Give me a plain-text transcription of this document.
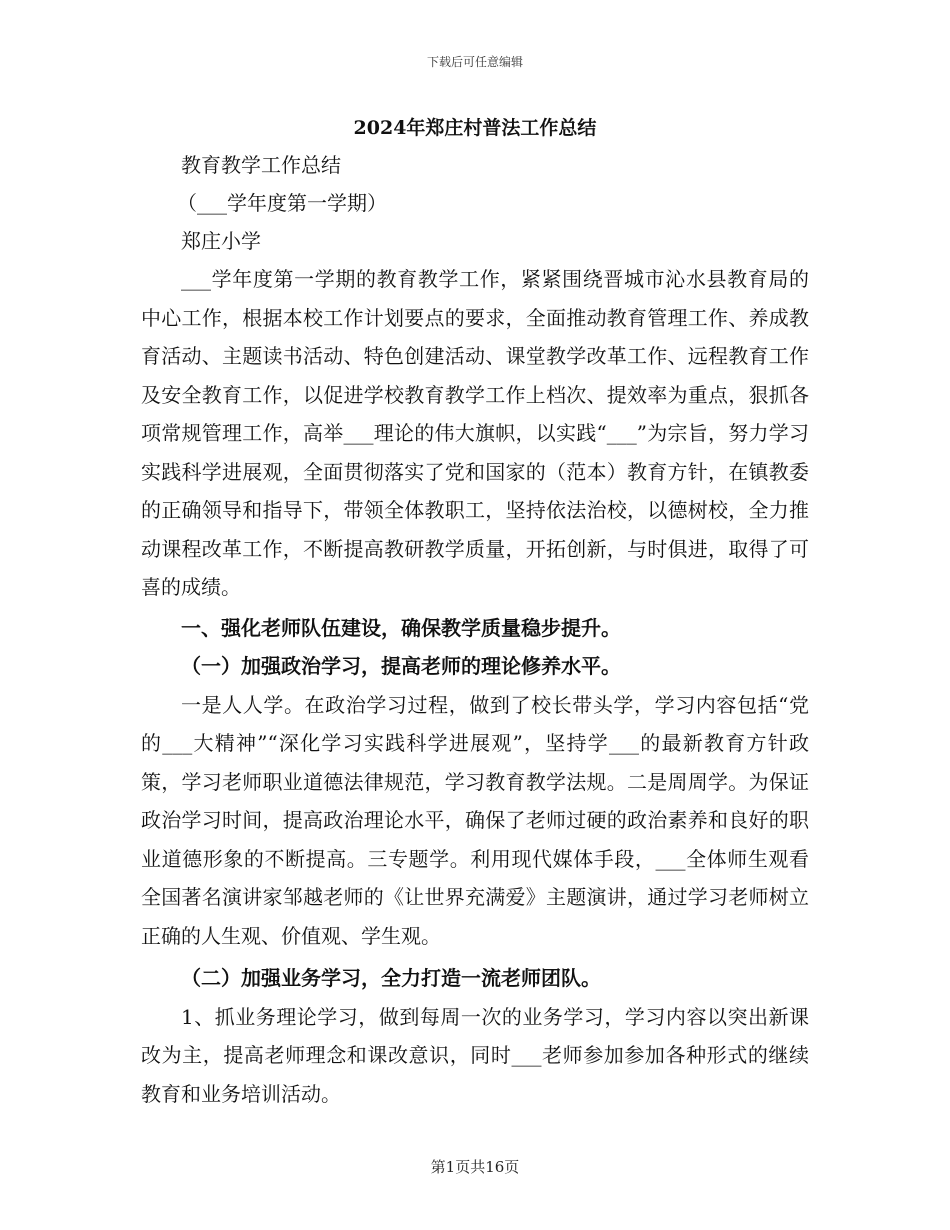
下载后可任意编辑
2024年郑庄村普法工作总结

教育教学工作总结

（___学年度第一学期）

郑庄小学

___学年度第一学期的教育教学工作，紧紧围绕晋城市沁水县教育局的中心工作，根据本校工作计划要点的要求，全面推动教育管理工作、养成教育活动、主题读书活动、特色创建活动、课堂教学改革工作、远程教育工作及安全教育工作，以促进学校教育教学工作上档次、提效率为重点，狠抓各项常规管理工作，高举___理论的伟大旗帜，以实践“___”为宗旨，努力学习实践科学进展观，全面贯彻落实了党和国家的（范本）教育方针，在镇教委的正确领导和指导下，带领全体教职工，坚持依法治校，以德树校，全力推动课程改革工作，不断提高教研教学质量，开拓创新，与时俱进，取得了可喜的成绩。

一、强化老师队伍建设，确保教学质量稳步提升。

（一）加强政治学习，提高老师的理论修养水平。

一是人人学。在政治学习过程，做到了校长带头学，学习内容包括“党的___大精神”“深化学习实践科学进展观”，坚持学___的最新教育方针政策，学习老师职业道德法律规范，学习教育教学法规。二是周周学。为保证政治学习时间，提高政治理论水平，确保了老师过硬的政治素养和良好的职业道德形象的不断提高。三专题学。利用现代媒体手段，___全体师生观看全国著名演讲家邹越老师的《让世界充满爱》主题演讲，通过学习老师树立正确的人生观、价值观、学生观。

（二）加强业务学习，全力打造一流老师团队。

1、抓业务理论学习，做到每周一次的业务学习，学习内容以突出新课改为主，提高老师理念和课改意识，同时___老师参加参加各种形式的继续教育和业务培训活动。

第1页共16页
